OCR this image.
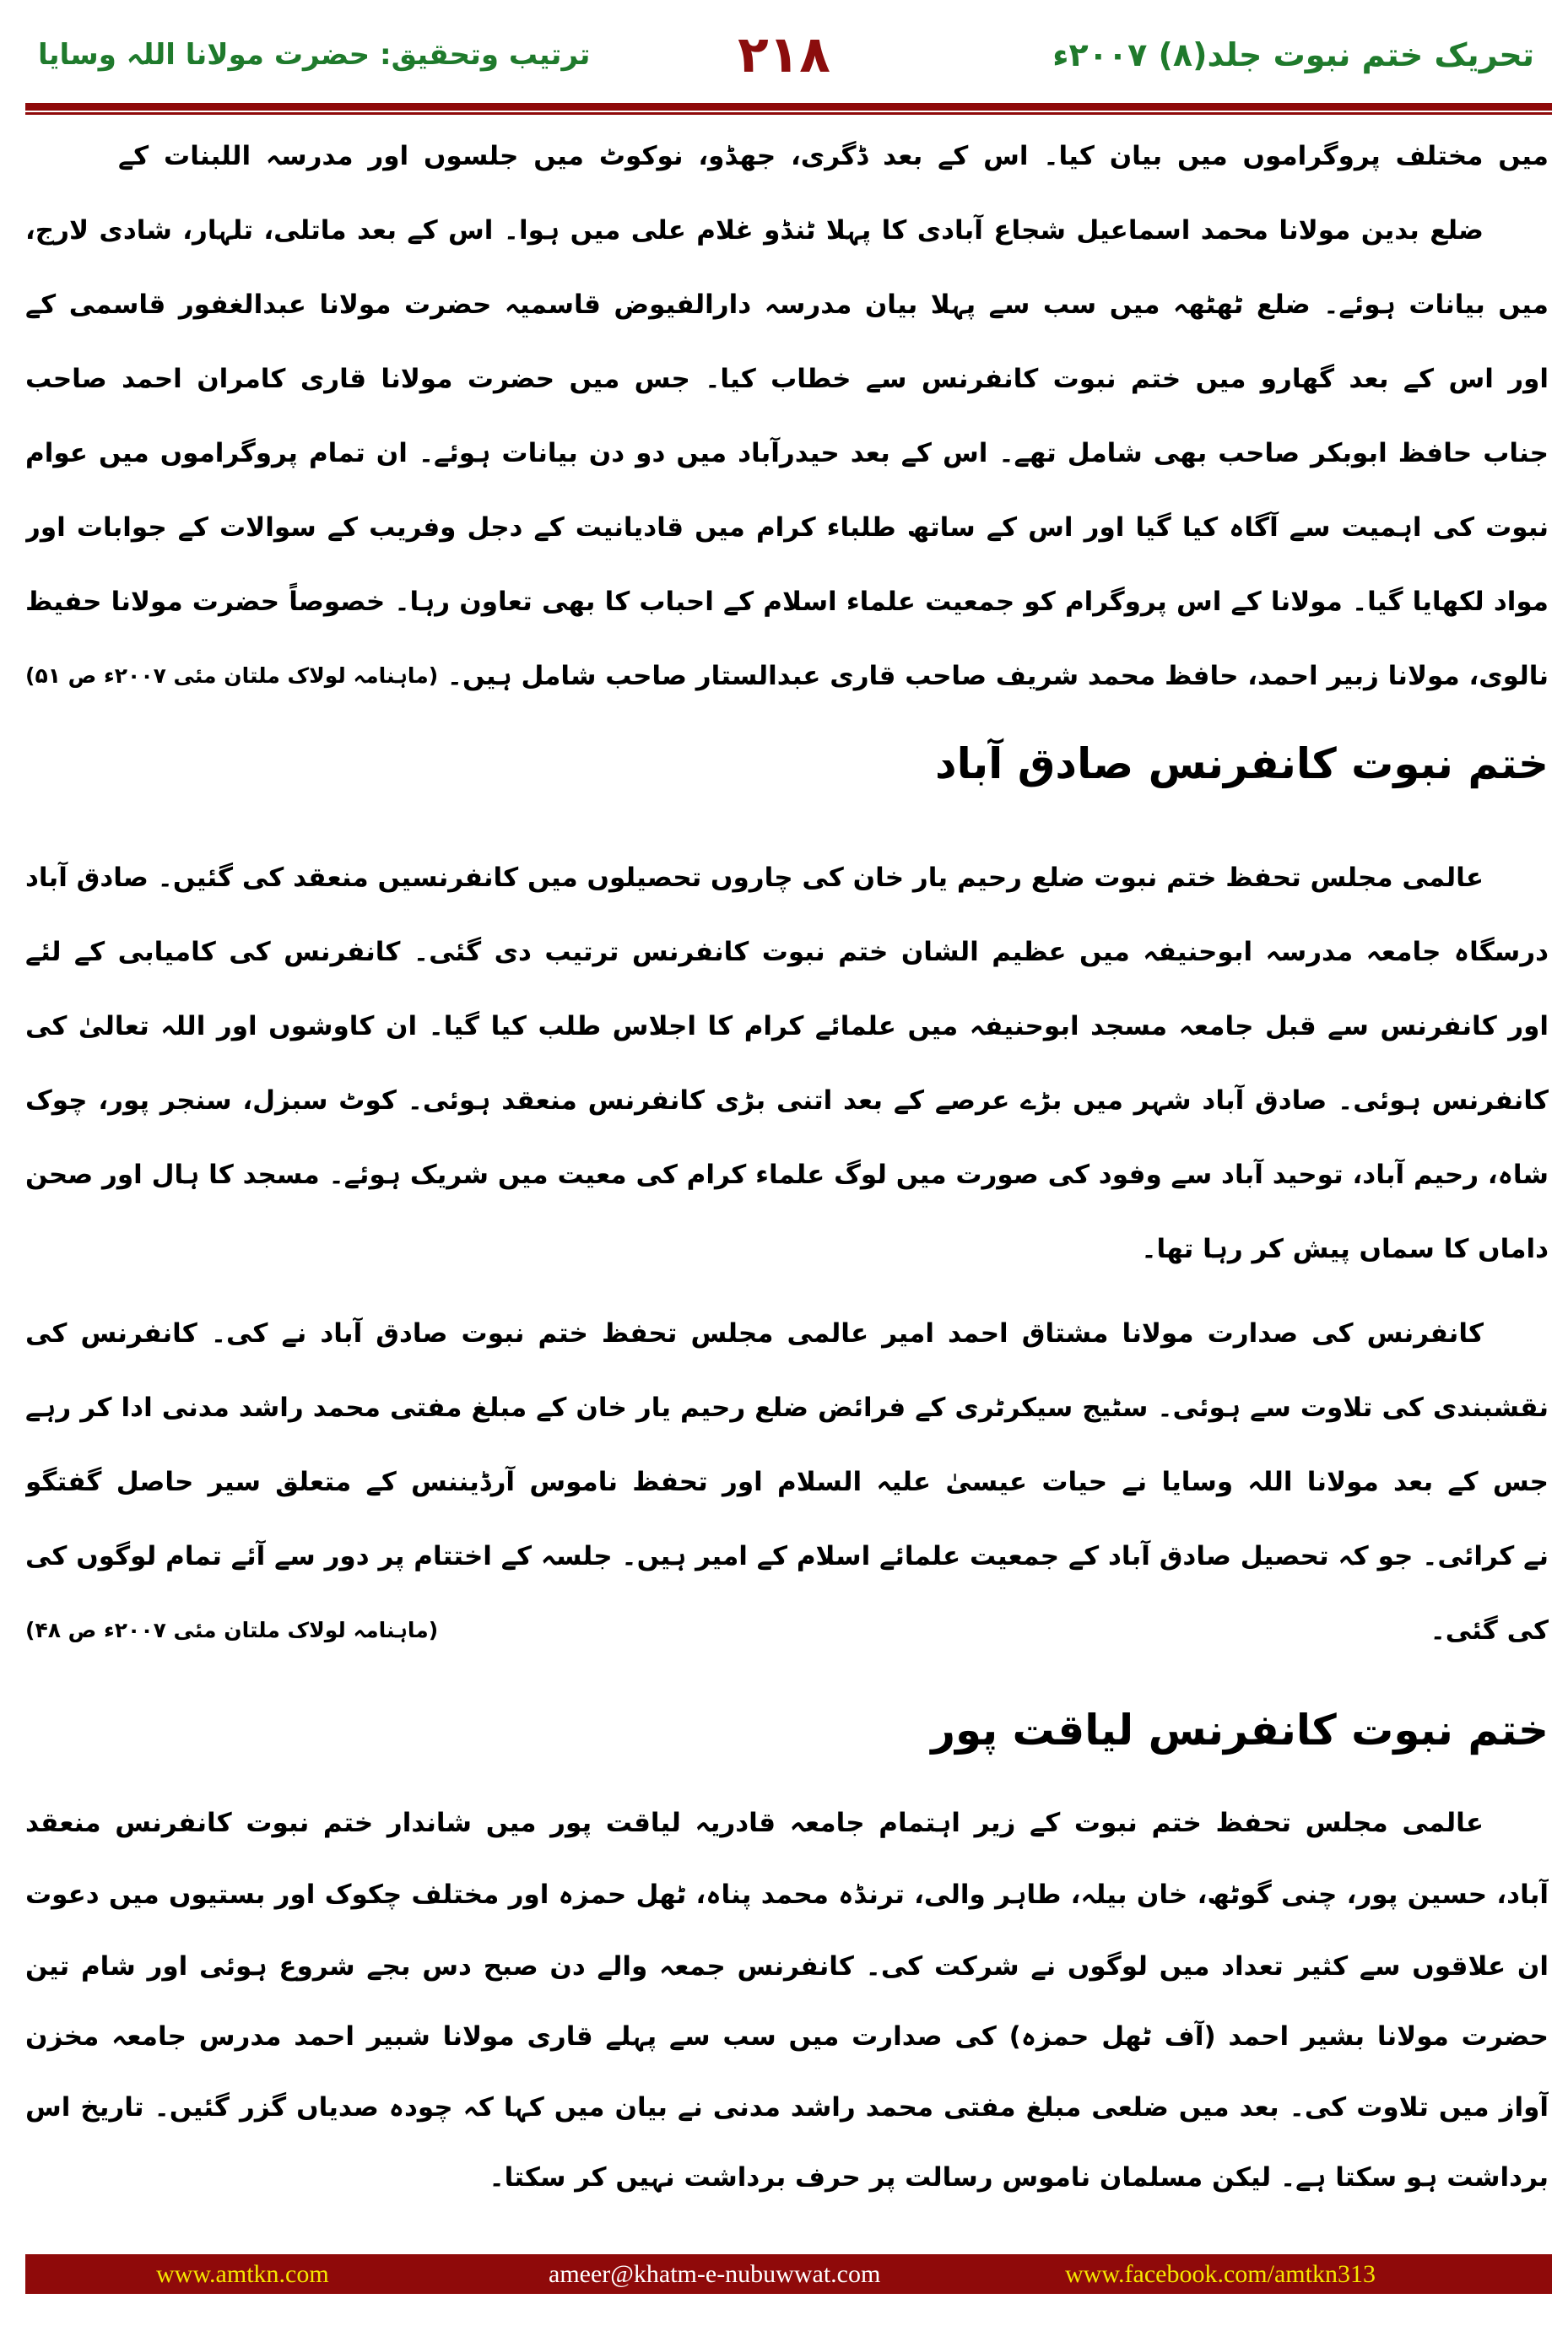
تحریک ختم نبوت جلد(۸) ۲۰۰۷ء
۲۱۸
ترتیب وتحقیق: حضرت مولانا اللہ وسایا
میں مختلف پروگراموں میں بیان کیا۔ اس کے بعد ڈگری، جھڈو، نوکوٹ میں جلسوں اور مدرسہ اللبنات کے
ضلع بدین مولانا محمد اسماعیل شجاع آبادی کا پہلا ٹنڈو غلام علی میں ہوا۔ اس کے بعد ماتلی، تلہار، شادی لارج،
میں بیانات ہوئے۔ ضلع ٹھٹھہ میں سب سے پہلا بیان مدرسہ دارالفیوض قاسمیہ حضرت مولانا عبدالغفور قاسمی کے
اور اس کے بعد گھارو میں ختم نبوت کانفرنس سے خطاب کیا۔ جس میں حضرت مولانا قاری کامران احمد صاحب
جناب حافظ ابوبکر صاحب بھی شامل تھے۔ اس کے بعد حیدرآباد میں دو دن بیانات ہوئے۔ ان تمام پروگراموں میں عوام
نبوت کی اہمیت سے آگاہ کیا گیا اور اس کے ساتھ طلباء کرام میں قادیانیت کے دجل وفریب کے سوالات کے جوابات اور
مواد لکھایا گیا۔ مولانا کے اس پروگرام کو جمعیت علماء اسلام کے احباب کا بھی تعاون رہا۔ خصوصاً حضرت مولانا حفیظ
نالوی، مولانا زبیر احمد، حافظ محمد شریف صاحب قاری عبدالستار صاحب شامل ہیں۔
(ماہنامہ لولاک ملتان مئی ۲۰۰۷ء ص ۵۱)
ختم نبوت کانفرنس صادق آباد
عالمی مجلس تحفظ ختم نبوت ضلع رحیم یار خان کی چاروں تحصیلوں میں کانفرنسیں منعقد کی گئیں۔ صادق آباد
درسگاہ جامعہ مدرسہ ابوحنیفہ میں عظیم الشان ختم نبوت کانفرنس ترتیب دی گئی۔ کانفرنس کی کامیابی کے لئے
اور کانفرنس سے قبل جامعہ مسجد ابوحنیفہ میں علمائے کرام کا اجلاس طلب کیا گیا۔ ان کاوشوں اور اللہ تعالیٰ کی
کانفرنس ہوئی۔ صادق آباد شہر میں بڑے عرصے کے بعد اتنی بڑی کانفرنس منعقد ہوئی۔ کوٹ سبزل، سنجر پور، چوک
شاہ، رحیم آباد، توحید آباد سے وفود کی صورت میں لوگ علماء کرام کی معیت میں شریک ہوئے۔ مسجد کا ہال اور صحن
داماں کا سماں پیش کر رہا تھا۔
کانفرنس کی صدارت مولانا مشتاق احمد امیر عالمی مجلس تحفظ ختم نبوت صادق آباد نے کی۔ کانفرنس کی
نقشبندی کی تلاوت سے ہوئی۔ سٹیج سیکرٹری کے فرائض ضلع رحیم یار خان کے مبلغ مفتی محمد راشد مدنی ادا کر رہے
جس کے بعد مولانا اللہ وسایا نے حیات عیسیٰ علیہ السلام اور تحفظ ناموس آرڈیننس کے متعلق سیر حاصل گفتگو
نے کرائی۔ جو کہ تحصیل صادق آباد کے جمعیت علمائے اسلام کے امیر ہیں۔ جلسہ کے اختتام پر دور سے آئے تمام لوگوں کی
کی گئی۔
(ماہنامہ لولاک ملتان مئی ۲۰۰۷ء ص ۴۸)
ختم نبوت کانفرنس لیاقت پور
عالمی مجلس تحفظ ختم نبوت کے زیر اہتمام جامعہ قادریہ لیاقت پور میں شاندار ختم نبوت کانفرنس منعقد
آباد، حسین پور، چنی گوٹھ، خان بیلہ، طاہر والی، ترنڈہ محمد پناہ، ٹھل حمزہ اور مختلف چکوک اور بستیوں میں دعوت
ان علاقوں سے کثیر تعداد میں لوگوں نے شرکت کی۔ کانفرنس جمعہ والے دن صبح دس بجے شروع ہوئی اور شام تین
حضرت مولانا بشیر احمد (آف ٹھل حمزہ) کی صدارت میں سب سے پہلے قاری مولانا شبیر احمد مدرس جامعہ مخزن
آواز میں تلاوت کی۔ بعد میں ضلعی مبلغ مفتی محمد راشد مدنی نے بیان میں کہا کہ چودہ صدیاں گزر گئیں۔ تاریخ اس
برداشت ہو سکتا ہے۔ لیکن مسلمان ناموس رسالت پر حرف برداشت نہیں کر سکتا۔
www.amtkn.com	ameer@khatm-e-nubuwwat.com	www.facebook.com/amtkn313
